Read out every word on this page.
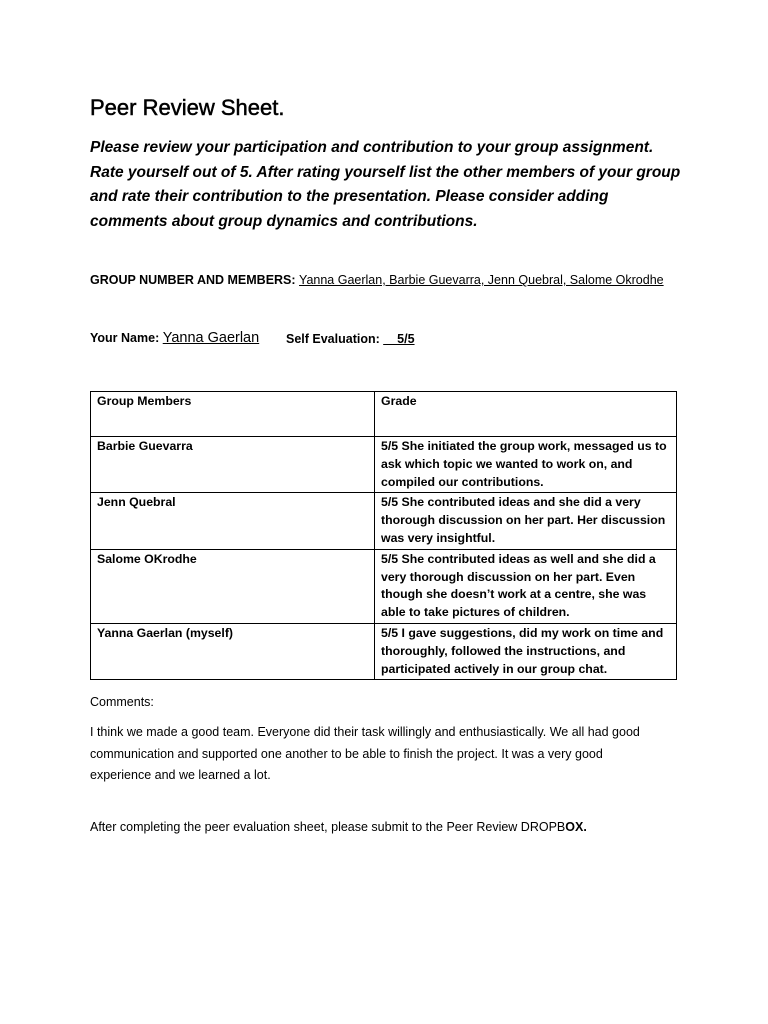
Peer Review Sheet.

Please review your participation and contribution to your group assignment. Rate yourself out of 5. After rating yourself list the other members of your group and rate their contribution to the presentation. Please consider adding comments about group dynamics and contributions.

GROUP NUMBER AND MEMBERS: Yanna Gaerlan, Barbie Guevarra, Jenn Quebral, Salome Okrodhe
Your Name: Yanna Gaerlan Self Evaluation: __5/5
Group Members	Grade
Barbie Guevarra	5/5 She initiated the group work, messaged us to ask which topic we wanted to work on, and compiled our contributions.
Jenn Quebral	5/5 She contributed ideas and she did a very thorough discussion on her part. Her discussion was very insightful.
Salome OKrodhe	5/5 She contributed ideas as well and she did a very thorough discussion on her part. Even though she doesn’t work at a centre, she was able to take pictures of children.
Yanna Gaerlan (myself)	5/5 I gave suggestions, did my work on time and thoroughly, followed the instructions, and participated actively in our group chat.
Comments:

I think we made a good team. Everyone did their task willingly and enthusiastically. We all had good communication and supported one another to be able to finish the project. It was a very good experience and we learned a lot.

After completing the peer evaluation sheet, please submit to the Peer Review DROPBOX.
